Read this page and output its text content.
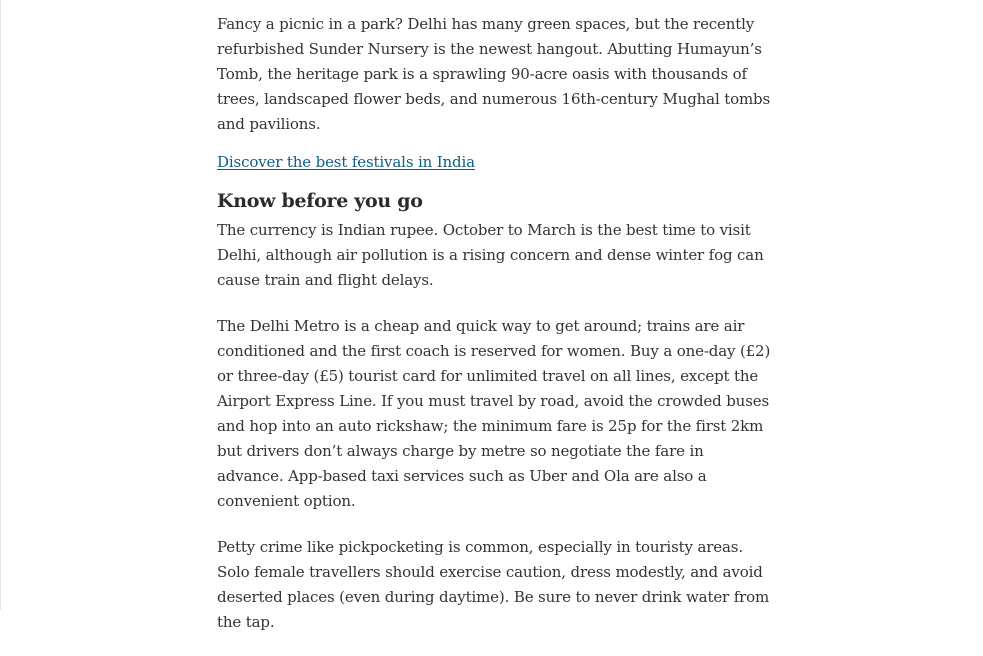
Fancy a picnic in a park? Delhi has many green spaces, but the recently refurbished Sunder Nursery is the newest hangout. Abutting Humayun’s Tomb, the heritage park is a sprawling 90-acre oasis with thousands of trees, landscaped flower beds, and numerous 16th-century Mughal tombs and pavilions.

Discover the best festivals in India

Know before you go

The currency is Indian rupee. October to March is the best time to visit Delhi, although air pollution is a rising concern and dense winter fog can cause train and flight delays.

The Delhi Metro is a cheap and quick way to get around; trains are air conditioned and the first coach is reserved for women. Buy a one-day (£2) or three-day (£5) tourist card for unlimited travel on all lines, except the Airport Express Line. If you must travel by road, avoid the crowded buses and hop into an auto rickshaw; the minimum fare is 25p for the first 2km but drivers don’t always charge by metre so negotiate the fare in advance. App-based taxi services such as Uber and Ola are also a convenient option.

Petty crime like pickpocketing is common, especially in touristy areas. Solo female travellers should exercise caution, dress modestly, and avoid deserted places (even during daytime). Be sure to never drink water from the tap.
